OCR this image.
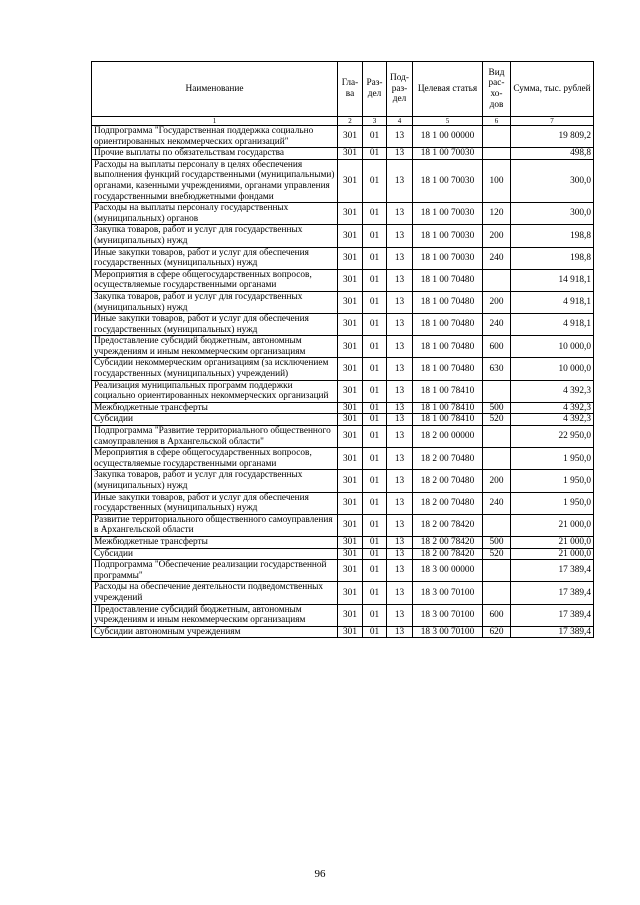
Наименование	Гла-ва	Раз-дел	Под-раз-дел	Целевая статья	Вид рас-хо-дов	Сумма, тыс. рублей
1	2	3	4	5	6	7
Подпрограмма "Государственная поддержка социально ориентированных некоммерческих организаций"	301	01	13	18 1 00 00000		19 809,2
Прочие выплаты по обязательствам государства	301	01	13	18 1 00 70030		498,8
Расходы на выплаты персоналу в целях обеспечения выполнения функций государственными (муниципальными) органами, казенными учреждениями, органами управления государственными внебюджетными фондами	301	01	13	18 1 00 70030	100	300,0
Расходы на выплаты персоналу государственных (муниципальных) органов	301	01	13	18 1 00 70030	120	300,0
Закупка товаров, работ и услуг для государственных (муниципальных) нужд	301	01	13	18 1 00 70030	200	198,8
Иные закупки товаров, работ и услуг для обеспечения государственных (муниципальных) нужд	301	01	13	18 1 00 70030	240	198,8
Мероприятия в сфере общегосударственных вопросов, осуществляемые государственными органами	301	01	13	18 1 00 70480		14 918,1
Закупка товаров, работ и услуг для государственных (муниципальных) нужд	301	01	13	18 1 00 70480	200	4 918,1
Иные закупки товаров, работ и услуг для обеспечения государственных (муниципальных) нужд	301	01	13	18 1 00 70480	240	4 918,1
Предоставление субсидий бюджетным, автономным учреждениям и иным некоммерческим организациям	301	01	13	18 1 00 70480	600	10 000,0
Субсидии некоммерческим организациям (за исключением государственных (муниципальных) учреждений)	301	01	13	18 1 00 70480	630	10 000,0
Реализация муниципальных программ поддержки социально ориентированных некоммерческих организаций	301	01	13	18 1 00 78410		4 392,3
Межбюджетные трансферты	301	01	13	18 1 00 78410	500	4 392,3
Субсидии	301	01	13	18 1 00 78410	520	4 392,3
Подпрограмма "Развитие территориального общественного самоуправления в Архангельской области"	301	01	13	18 2 00 00000		22 950,0
Мероприятия в сфере общегосударственных вопросов, осуществляемые государственными органами	301	01	13	18 2 00 70480		1 950,0
Закупка товаров, работ и услуг для государственных (муниципальных) нужд	301	01	13	18 2 00 70480	200	1 950,0
Иные закупки товаров, работ и услуг для обеспечения государственных (муниципальных) нужд	301	01	13	18 2 00 70480	240	1 950,0
Развитие территориального общественного самоуправления в Архангельской области	301	01	13	18 2 00 78420		21 000,0
Межбюджетные трансферты	301	01	13	18 2 00 78420	500	21 000,0
Субсидии	301	01	13	18 2 00 78420	520	21 000,0
Подпрограмма "Обеспечение реализации государственной программы"	301	01	13	18 3 00 00000		17 389,4
Расходы на обеспечение деятельности подведомственных учреждений	301	01	13	18 3 00 70100		17 389,4
Предоставление субсидий бюджетным, автономным учреждениям и иным некоммерческим организациям	301	01	13	18 3 00 70100	600	17 389,4
Субсидии автономным учреждениям	301	01	13	18 3 00 70100	620	17 389,4
96
